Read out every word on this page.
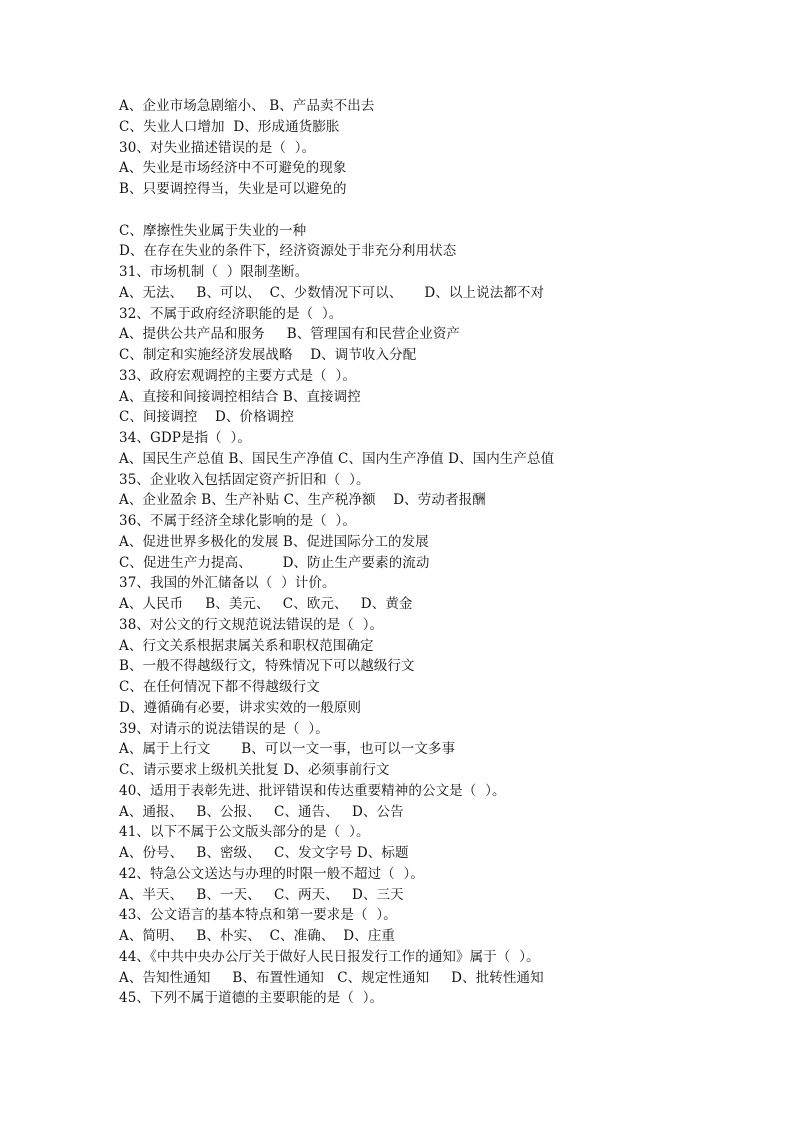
A、企业市场急剧缩小、 B、产品卖不出去
C、失业人口增加  D、形成通货膨胀
30、对失业描述错误的是（  ）。
A、失业是市场经济中不可避免的现象
B、只要调控得当，失业是可以避免的
C、摩擦性失业属于失业的一种
D、在存在失业的条件下，经济资源处于非充分利用状态
31、市场机制（  ）限制垄断。
A、无法、   B、可以、  C、少数情况下可以、     D、以上说法都不对
32、不属于政府经济职能的是（  ）。
A、提供公共产品和服务     B、管理国有和民营企业资产
C、制定和实施经济发展战略    D、调节收入分配
33、政府宏观调控的主要方式是（  ）。
A、直接和间接调控相结合 B、直接调控
C、间接调控    D、价格调控
34、GDP是指（  ）。
A、国民生产总值 B、国民生产净值 C、国内生产净值 D、国内生产总值
35、企业收入包括固定资产折旧和（  ）。
A、企业盈余 B、生产补贴 C、生产税净额    D、劳动者报酬
36、不属于经济全球化影响的是（  ）。
A、促进世界多极化的发展 B、促进国际分工的发展
C、促进生产力提高、       D、防止生产要素的流动
37、我国的外汇储备以（  ）计价。
A、人民币     B、美元、   C、欧元、   D、黄金
38、对公文的行文规范说法错误的是（  ）。
A、行文关系根据隶属关系和职权范围确定
B、一般不得越级行文，特殊情况下可以越级行文
C、在任何情况下都不得越级行文
D、遵循确有必要，讲求实效的一般原则
39、对请示的说法错误的是（  ）。
A、属于上行文       B、可以一文一事，也可以一文多事
C、请示要求上级机关批复 D、必须事前行文
40、适用于表彰先进、批评错误和传达重要精神的公文是（  ）。
A、通报、   B、公报、   C、通告、   D、公告
41、以下不属于公文版头部分的是（  ）。
A、份号、   B、密级、   C、发文字号 D、标题
42、特急公文送达与办理的时限一般不超过（  ）。
A、半天、   B、一天、   C、两天、   D、三天
43、公文语言的基本特点和第一要求是（  ）。
A、简明、   B、朴实、  C、准确、  D、庄重
44、《中共中央办公厅关于做好人民日报发行工作的通知》属于（  ）。
A、告知性通知     B、布置性通知   C、规定性通知     D、批转性通知
45、下列不属于道德的主要职能的是（  ）。
